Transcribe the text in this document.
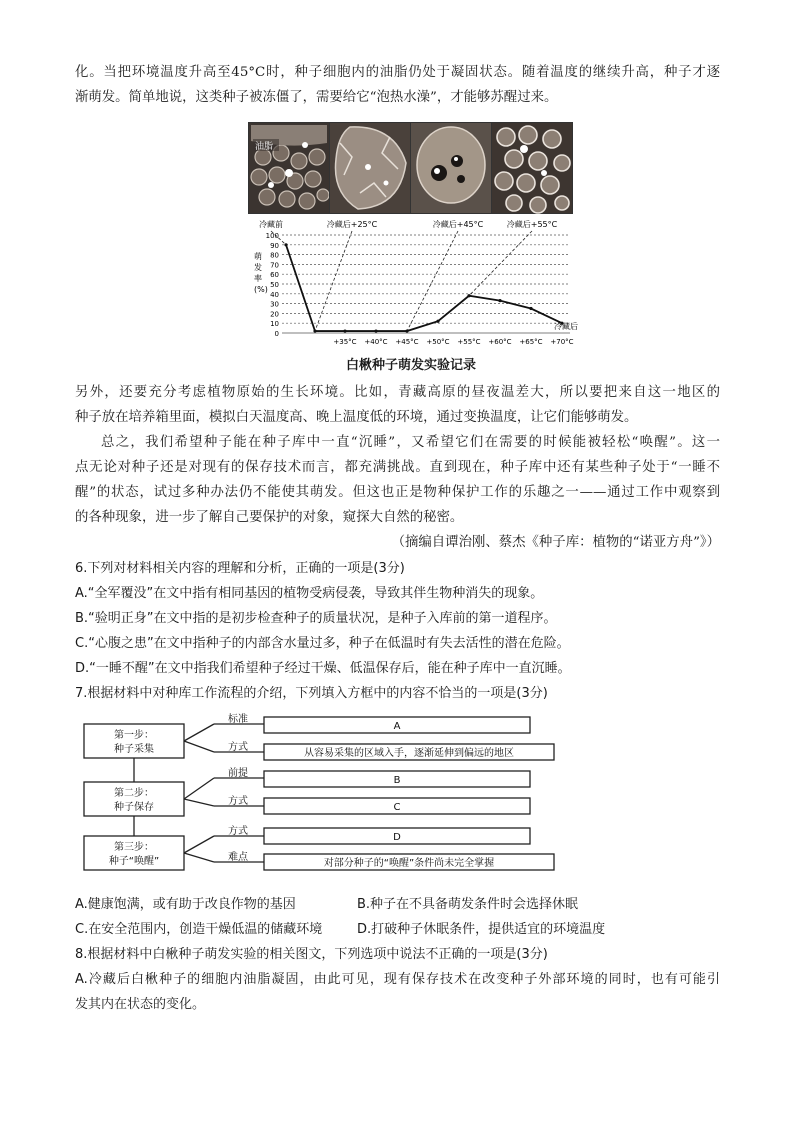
化。当把环境温度升高至45°C时，种子细胞内的油脂仍处于凝固状态。随着温度的继续升高，种子才逐
渐萌发。简单地说，这类种子被冻僵了，需要给它“泡热水澡”，才能够苏醒过来。
油脂
冷藏前	冷藏后+25°C	冷藏后+45°C	冷藏后+55°C
0
10
20
30
40
50
60
70
80
90
100
+35°C +40°C +45°C +50°C +55°C +60°C +65°C +70°C
萌
发
率
(%)
冷藏后
白楸种子萌发实验记录
另外，还要充分考虑植物原始的生长环境。比如，青藏高原的昼夜温差大，所以要把来自这一地区的
种子放在培养箱里面，模拟白天温度高、晚上温度低的环境，通过变换温度，让它们能够萌发。
总之，我们希望种子能在种子库中一直“沉睡”，又希望它们在需要的时候能被轻松“唤醒”。这一
点无论对种子还是对现有的保存技术而言，都充满挑战。直到现在，种子库中还有某些种子处于“一睡不
醒”的状态，试过多种办法仍不能使其萌发。但这也正是物种保护工作的乐趣之一——通过工作中观察到
的各种现象，进一步了解自己要保护的对象，窥探大自然的秘密。
（摘编自谭治刚、蔡杰《种子库：植物的“诺亚方舟”》）
6.下列对材料相关内容的理解和分析，正确的一项是(3分)
A.“全军覆没”在文中指有相同基因的植物受病侵袭，导致其伴生物种消失的现象。
B.“验明正身”在文中指的是初步检查种子的质量状况，是种子入库前的第一道程序。
C.“心腹之患”在文中指种子的内部含水量过多，种子在低温时有失去活性的潜在危险。
D.“一睡不醒”在文中指我们希望种子经过干燥、低温保存后，能在种子库中一直沉睡。
7.根据材料中对种库工作流程的介绍，下列填入方框中的内容不恰当的一项是(3分)
第一步：
种子采集
第二步：
种子保存
第三步：
种子“唤醒”
标准
方式
前提
方式
方式
难点
A
从容易采集的区域入手，逐渐延伸到偏远的地区
B
C
D
对部分种子的“唤醒”条件尚未完全掌握
A.健康饱满，或有助于改良作物的基因	B.种子在不具备萌发条件时会选择休眠
C.在安全范围内，创造干燥低温的储藏环境	D.打破种子休眠条件，提供适宜的环境温度
8.根据材料中白楸种子萌发实验的相关图文，下列选项中说法不正确的一项是(3分)
A.冷藏后白楸种子的细胞内油脂凝固，由此可见，现有保存技术在改变种子外部环境的同时，也有可能引
发其内在状态的变化。
